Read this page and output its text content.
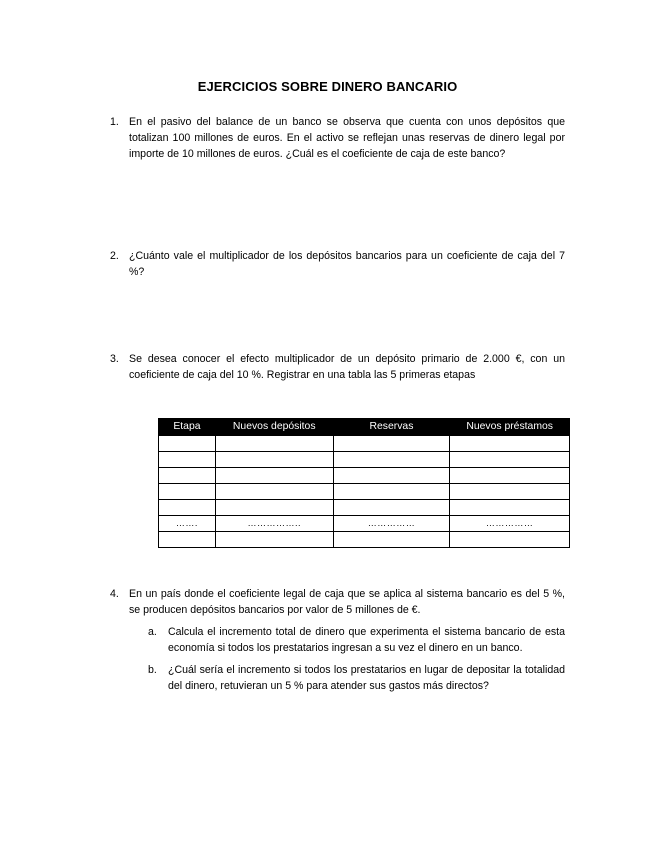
EJERCICIOS SOBRE DINERO BANCARIO
1. En el pasivo del balance de un banco se observa que cuenta con unos depósitos que totalizan 100 millones de euros. En el activo se reflejan unas reservas de dinero legal por importe de 10 millones de euros. ¿Cuál es el coeficiente de caja de este banco?
2. ¿Cuánto vale el multiplicador de los depósitos bancarios para un coeficiente de caja del 7 %?
3. Se desea conocer el efecto multiplicador de un depósito primario de 2.000 €, con un coeficiente de caja del 10 %. Registrar en una tabla las 5 primeras etapas
Etapa	Nuevos depósitos	Reservas	Nuevos préstamos

…….	……………..	……………	……………

4. En un país donde el coeficiente legal de caja que se aplica al sistema bancario es del 5 %, se producen depósitos bancarios por valor de 5 millones de €.
a. Calcula el incremento total de dinero que experimenta el sistema bancario de esta economía si todos los prestatarios ingresan a su vez el dinero en un banco.
b. ¿Cuál sería el incremento si todos los prestatarios en lugar de depositar la totalidad del dinero, retuvieran un 5 % para atender sus gastos más directos?
